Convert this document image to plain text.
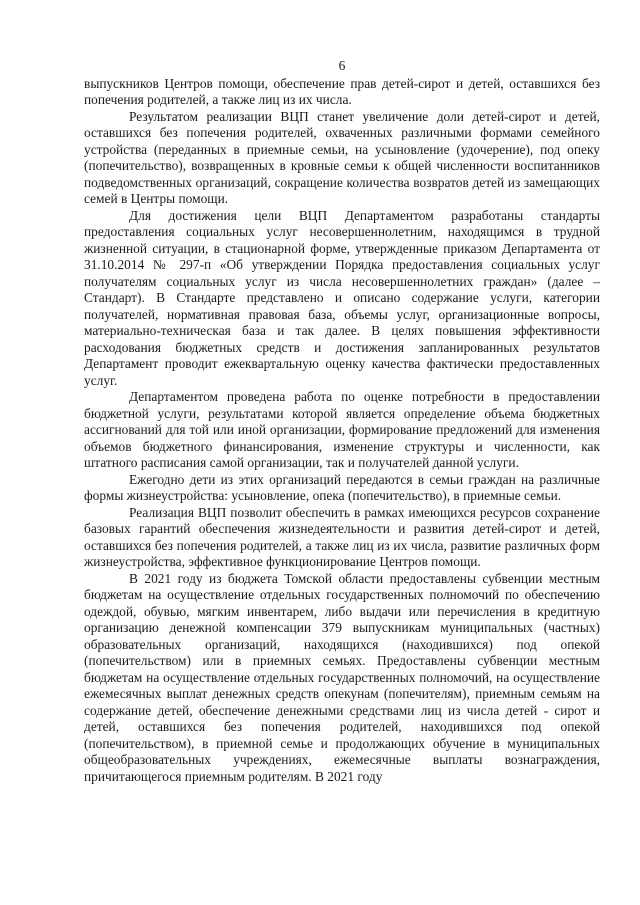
6

выпускников Центров помощи, обеспечение прав детей-сирот и детей, оставшихся без попечения родителей, а также лиц из их числа.

Результатом реализации ВЦП станет увеличение доли детей-сирот и детей, оставшихся без попечения родителей, охваченных различными формами семейного устройства (переданных в приемные семьи, на усыновление (удочерение), под опеку (попечительство), возвращенных в кровные семьи к общей численности воспитанников подведомственных организаций, сокращение количества возвратов детей из замещающих семей в Центры помощи.

Для достижения цели ВЦП Департаментом разработаны стандарты предоставления социальных услуг несовершеннолетним, находящимся в трудной жизненной ситуации, в стационарной форме, утвержденные приказом Департамента от 31.10.2014 № 297-п «Об утверждении Порядка предоставления социальных услуг получателям социальных услуг из числа несовершеннолетних граждан» (далее – Стандарт). В Стандарте представлено и описано содержание услуги, категории получателей, нормативная правовая база, объемы услуг, организационные вопросы, материально-техническая база и так далее. В целях повышения эффективности расходования бюджетных средств и достижения запланированных результатов Департамент проводит ежеквартальную оценку качества фактически предоставленных услуг.

Департаментом проведена работа по оценке потребности в предоставлении бюджетной услуги, результатами которой является определение объема бюджетных ассигнований для той или иной организации, формирование предложений для изменения объемов бюджетного финансирования, изменение структуры и численности, как штатного расписания самой организации, так и получателей данной услуги.

Ежегодно дети из этих организаций передаются в семьи граждан на различные формы жизнеустройства: усыновление, опека (попечительство), в приемные семьи.

Реализация ВЦП позволит обеспечить в рамках имеющихся ресурсов сохранение базовых гарантий обеспечения жизнедеятельности и развития детей-сирот и детей, оставшихся без попечения родителей, а также лиц из их числа, развитие различных форм жизнеустройства, эффективное функционирование Центров помощи.

В 2021 году из бюджета Томской области предоставлены субвенции местным бюджетам на осуществление отдельных государственных полномочий по обеспечению одеждой, обувью, мягким инвентарем, либо выдачи или перечисления в кредитную организацию денежной компенсации 379 выпускникам муниципальных (частных) образовательных организаций, находящихся (находившихся) под опекой (попечительством) или в приемных семьях. Предоставлены субвенции местным бюджетам на осуществление отдельных государственных полномочий, на осуществление ежемесячных выплат денежных средств опекунам (попечителям), приемным семьям на содержание детей, обеспечение денежными средствами лиц из числа детей - сирот и детей, оставшихся без попечения родителей, находившихся под опекой (попечительством), в приемной семье и продолжающих обучение в муниципальных общеобразовательных учреждениях, ежемесячные выплаты вознаграждения, причитающегося приемным родителям. В 2021 году
